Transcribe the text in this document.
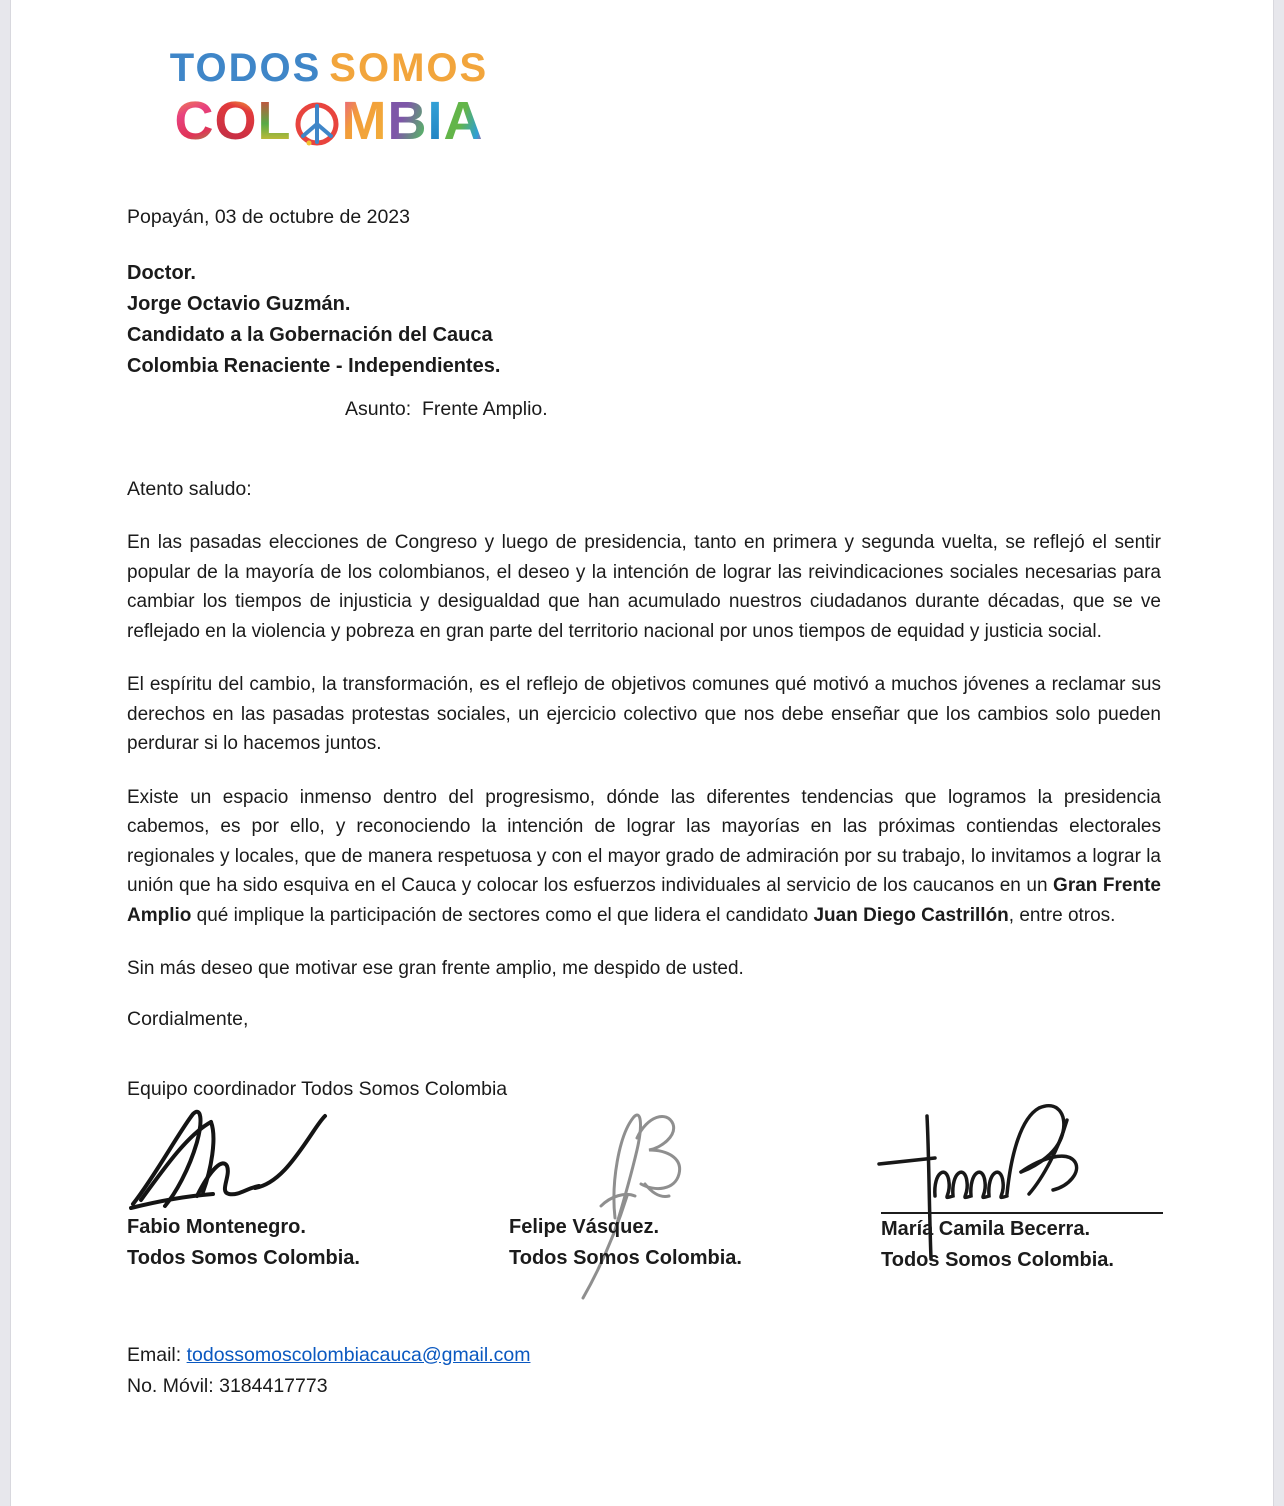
TODOS SOMOS
C O L M B I A
Popayán, 03 de octubre de 2023
Doctor.
Jorge Octavio Guzmán.
Candidato a la Gobernación del Cauca
Colombia Renaciente - Independientes.
Asunto:  Frente Amplio.
Atento saludo:

En las pasadas elecciones de Congreso y luego de presidencia, tanto en primera y segunda vuelta, se reflejó el sentir popular de la mayoría de los colombianos, el deseo y la intención de lograr las reivindicaciones sociales necesarias para cambiar los tiempos de injusticia y desigualdad que han acumulado nuestros ciudadanos durante décadas, que se ve reflejado en la violencia y pobreza en gran parte del territorio nacional por unos tiempos de equidad y justicia social.

El espíritu del cambio, la transformación, es el reflejo de objetivos comunes qué motivó a muchos jóvenes a reclamar sus derechos en las pasadas protestas sociales, un ejercicio colectivo que nos debe enseñar que los cambios solo pueden perdurar si lo hacemos juntos.

Existe un espacio inmenso dentro del progresismo, dónde las diferentes tendencias que logramos la presidencia cabemos, es por ello, y reconociendo la intención de lograr las mayorías en las próximas contiendas electorales regionales y locales, que de manera respetuosa y con el mayor grado de admiración por su trabajo, lo invitamos a lograr la unión que ha sido esquiva en el Cauca y colocar los esfuerzos individuales al servicio de los caucanos en un Gran Frente Amplio qué implique la participación de sectores como el que lidera el candidato Juan Diego Castrillón, entre otros.

Sin más deseo que motivar ese gran frente amplio, me despido de usted.

Cordialmente,
Equipo coordinador Todos Somos Colombia
Fabio Montenegro.
Todos Somos Colombia.
Felipe Vásquez.
Todos Somos Colombia.
María Camila Becerra.
Todos Somos Colombia.
Email: todossomoscolombiacauca@gmail.com
No. Móvil: 3184417773
